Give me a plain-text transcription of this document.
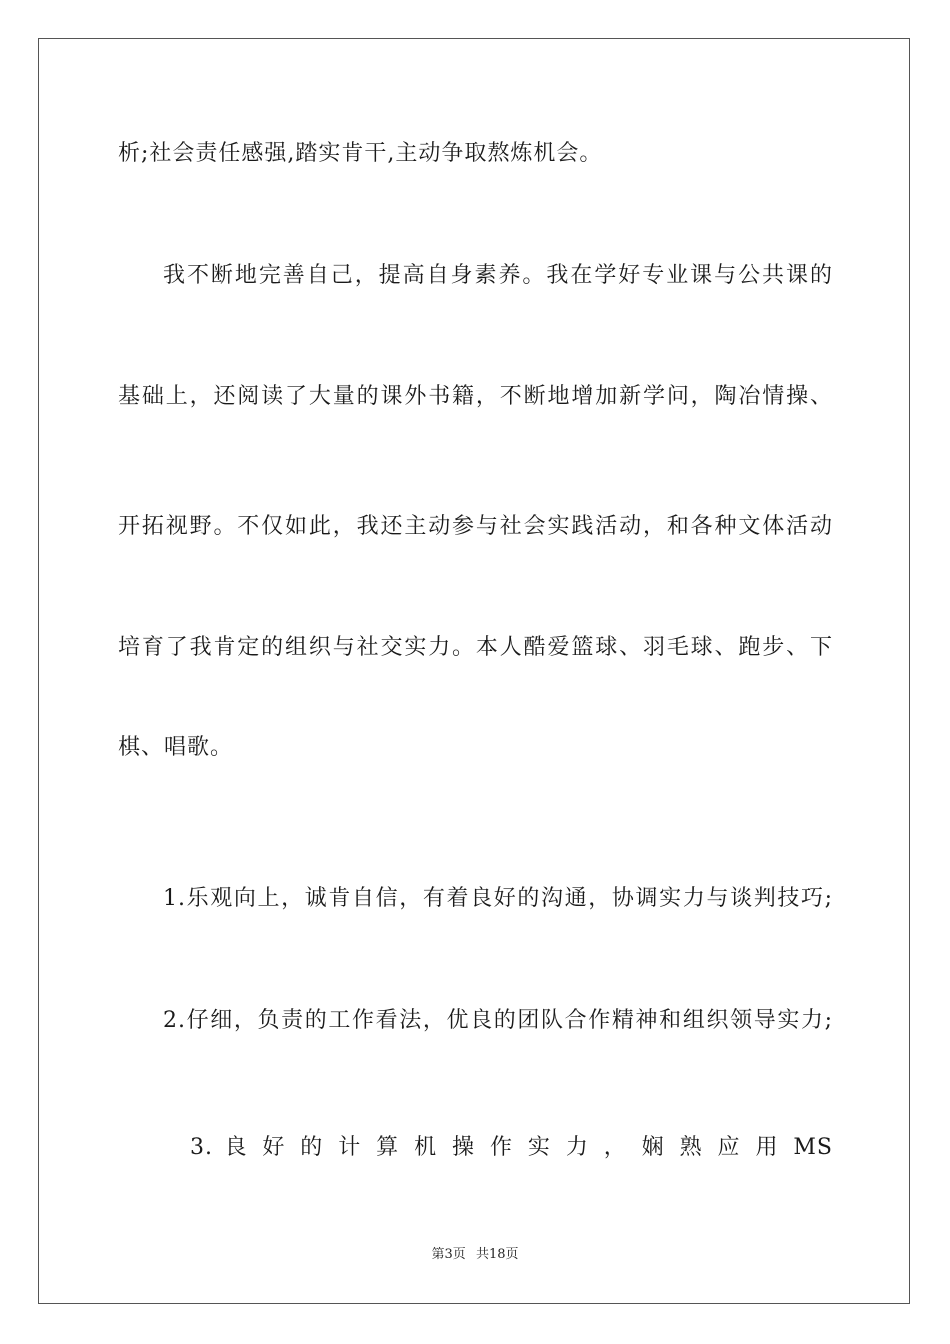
析;社会责任感强,踏实肯干,主动争取熬炼机会。
我不断地完善自己，提高自身素养。我在学好专业课与公共课的
基础上，还阅读了大量的课外书籍，不断地增加新学问，陶冶情操、
开拓视野。不仅如此，我还主动参与社会实践活动，和各种文体活动
培育了我肯定的组织与社交实力。本人酷爱篮球、羽毛球、跑步、下
棋、唱歌。
1.乐观向上，诚肯自信，有着良好的沟通，协调实力与谈判技巧;
2.仔细，负责的工作看法，优良的团队合作精神和组织领导实力;
3. 良 好 的 计 算 机 操 作 实 力 ， 娴 熟 应 用 MS
第3页 共18页
